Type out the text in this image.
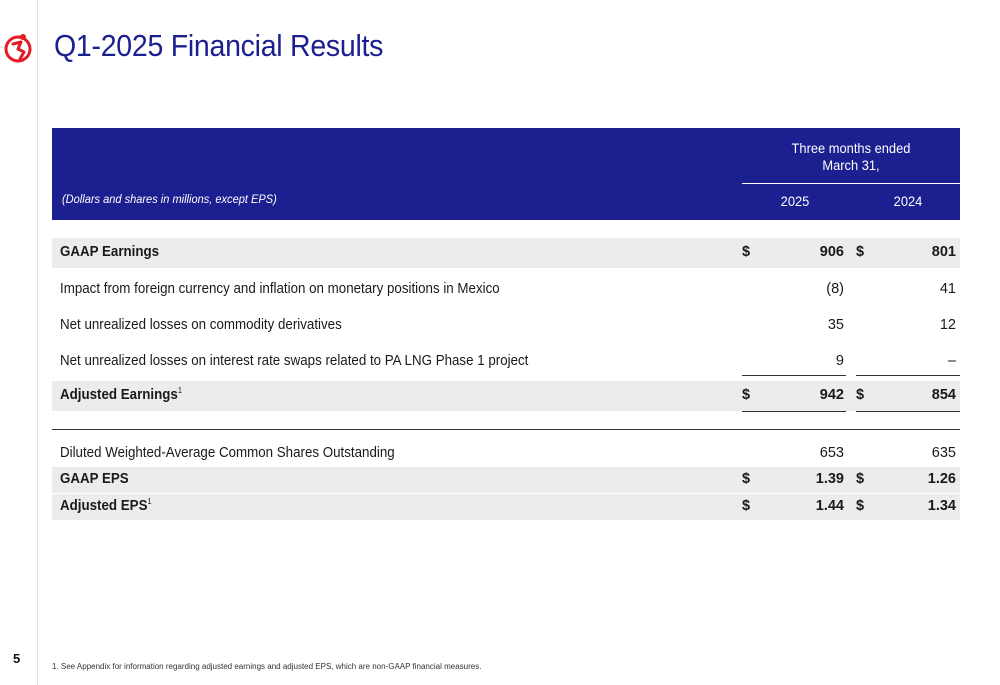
Q1-2025 Financial Results
Three months ended
March 31,
(Dollars and shares in millions, except EPS)	2025	2024
GAAP Earnings	$	906 $	801
Impact from foreign currency and inflation on monetary positions in Mexico	(8)	41
Net unrealized losses on commodity derivatives	35	12
Net unrealized losses on interest rate swaps related to PA LNG Phase 1 project	9	–
Adjusted Earnings$^1$	$	942 $	854
Diluted Weighted-Average Common Shares Outstanding	653	635
GAAP EPS	$	1.39 $	1.26
Adjusted EPS$^1$	$	1.44 $	1.34
5
1. See Appendix for information regarding adjusted earnings and adjusted EPS, which are non-GAAP financial measures.
